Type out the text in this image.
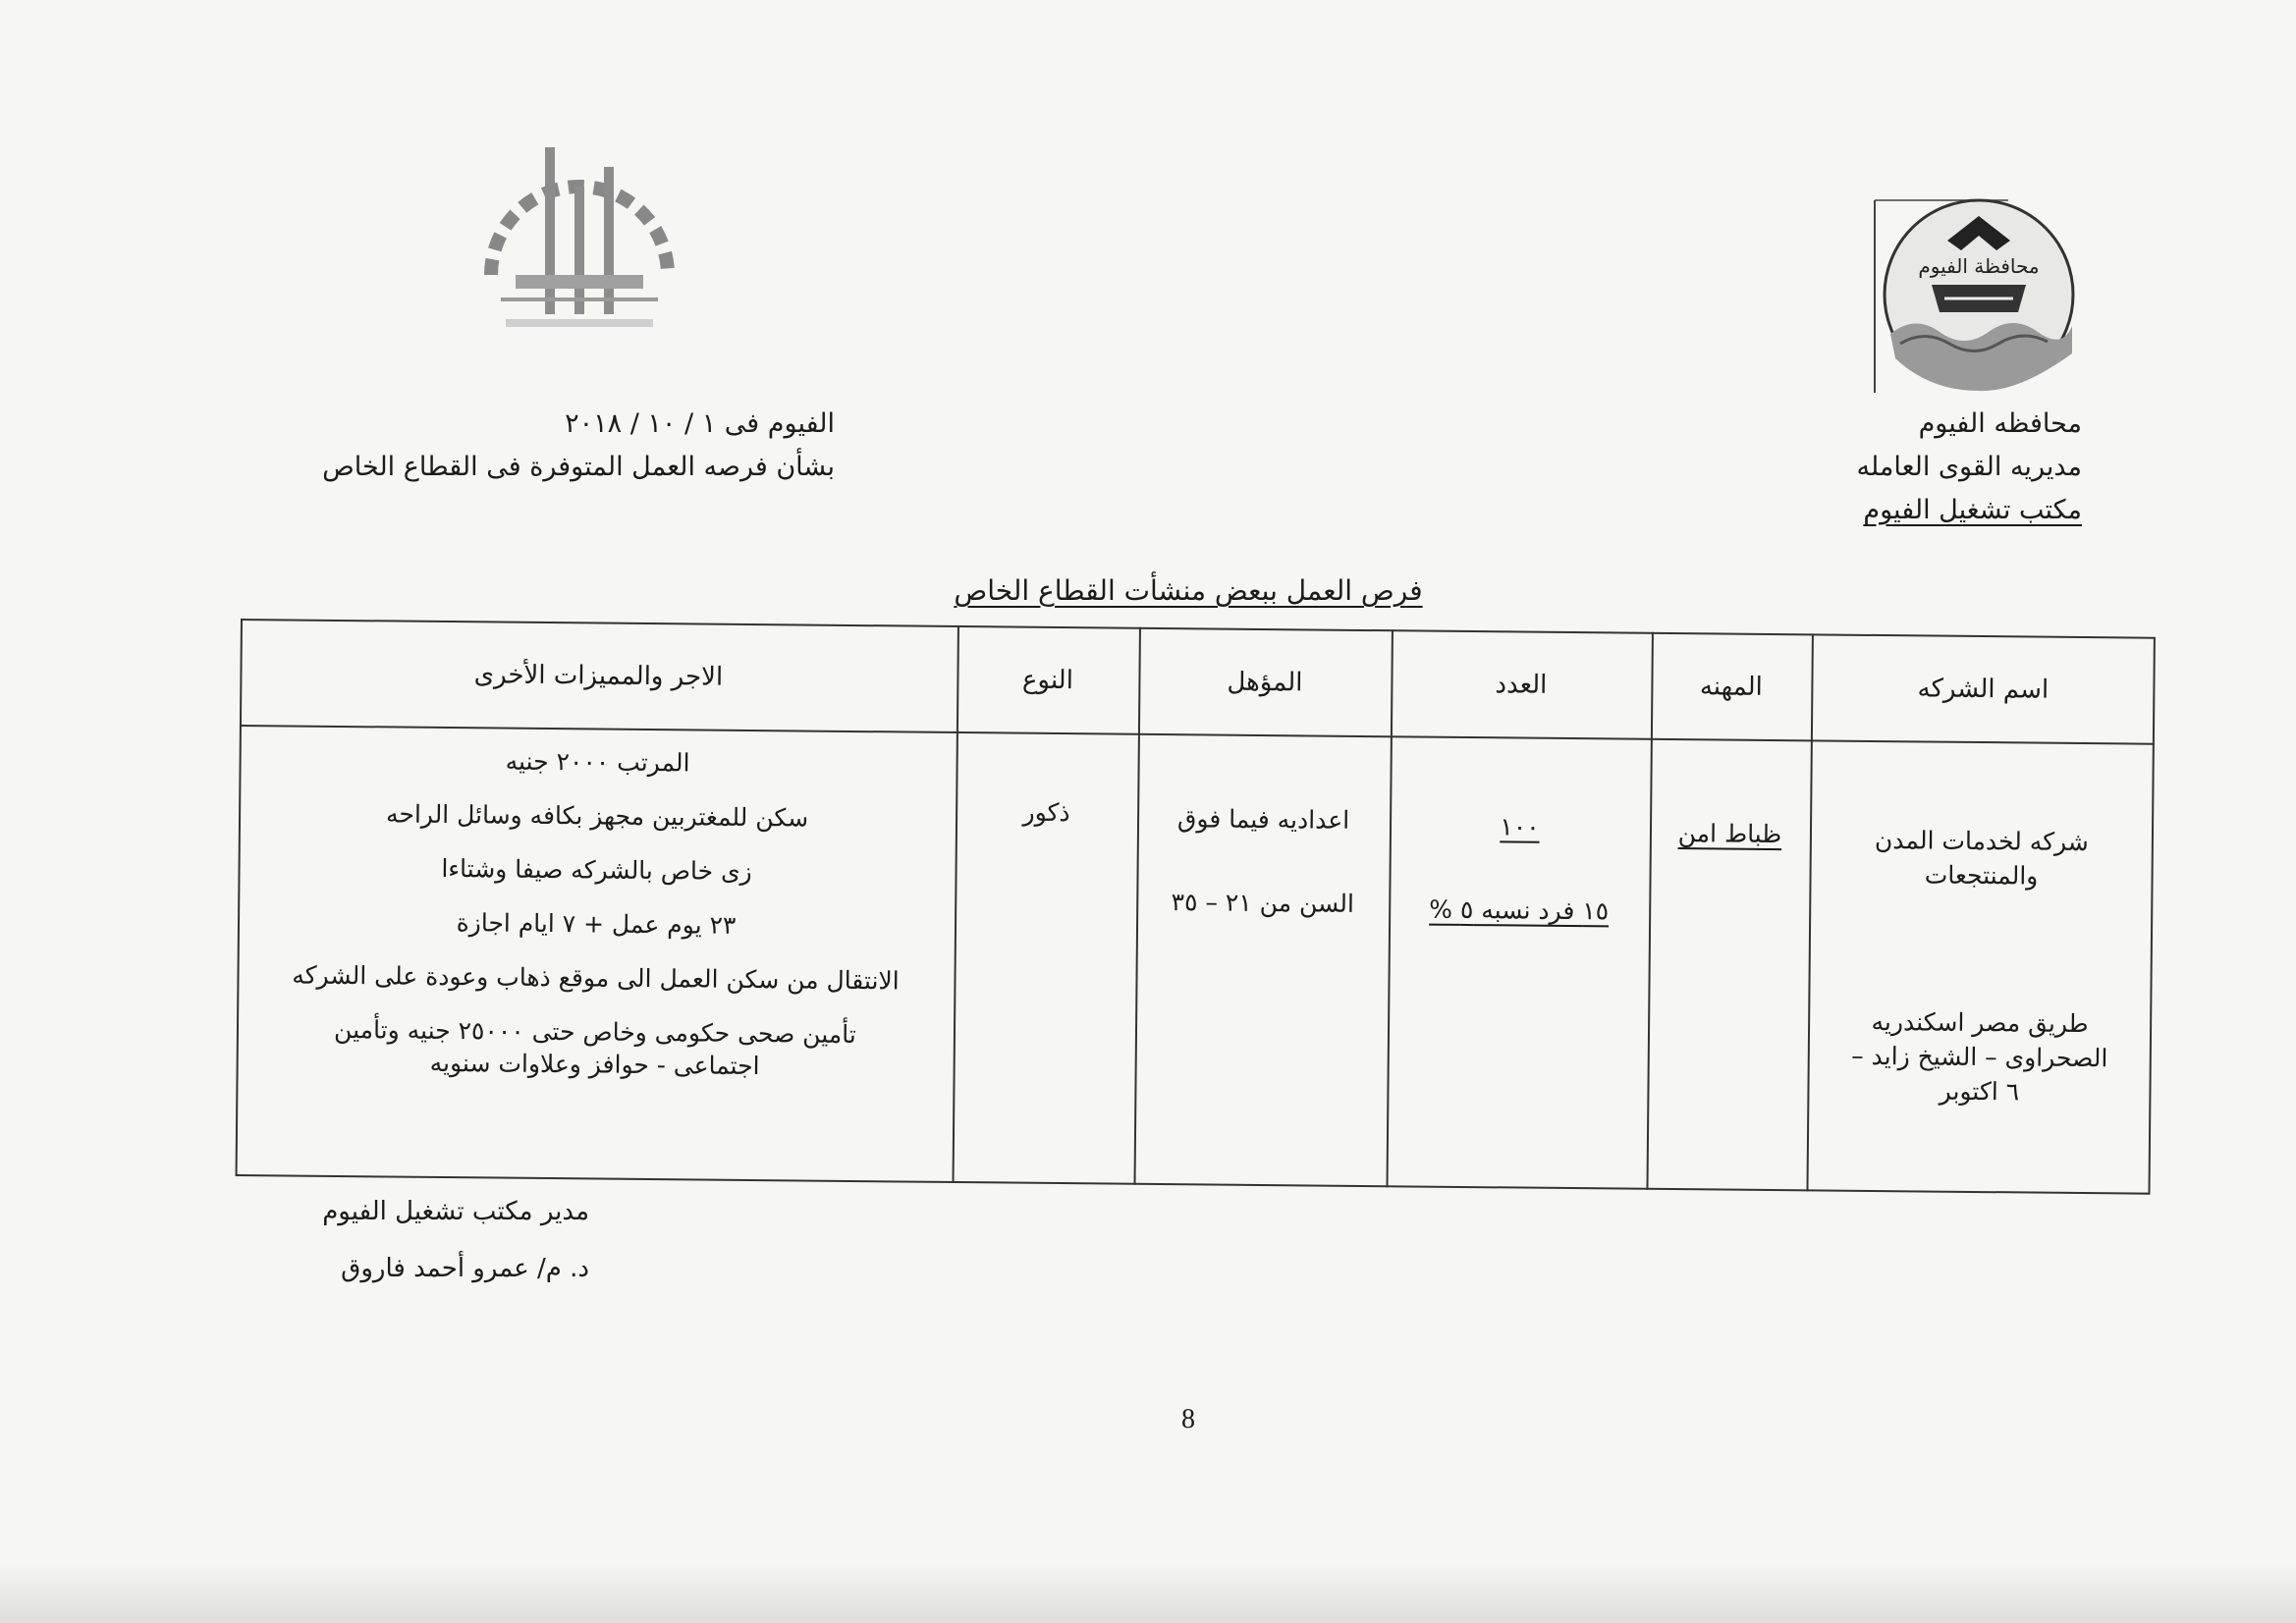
محافظة الفيوم
محافظه الفيوم
مديريه القوى العامله
مكتب تشغيل الفيوم
الفيوم فى ١ / ١٠ / ٢٠١٨
بشأن فرصه العمل المتوفرة فى القطاع الخاص
فرص العمل ببعض منشأت القطاع الخاص
اسم الشركه
المهنه
العدد
المؤهل
النوع
الاجر والمميزات الأخرى
شركه لخدمات المدن
والمنتجعات
طريق مصر اسكندريه
الصحراوى – الشيخ زايد –
٦ اكتوبر
ظباط امن
١٠٠
١٥ فرد نسبه ٥ %
اعداديه فيما فوق
السن من ٢١ – ٣٥
ذكور
المرتب ٢٠٠٠ جنيه
سكن للمغتربين مجهز بكافه وسائل الراحه
زى خاص بالشركه صيفا وشتاءا
٢٣ يوم عمل + ٧ ايام اجازة
الانتقال من سكن العمل الى موقع ذهاب وعودة على الشركه
تأمين صحى حكومى وخاص حتى ٢٥٠٠٠ جنيه وتأمين
اجتماعى - حوافز وعلاوات سنويه
مدير مكتب تشغيل الفيوم
د. م/ عمرو أحمد فاروق
8
